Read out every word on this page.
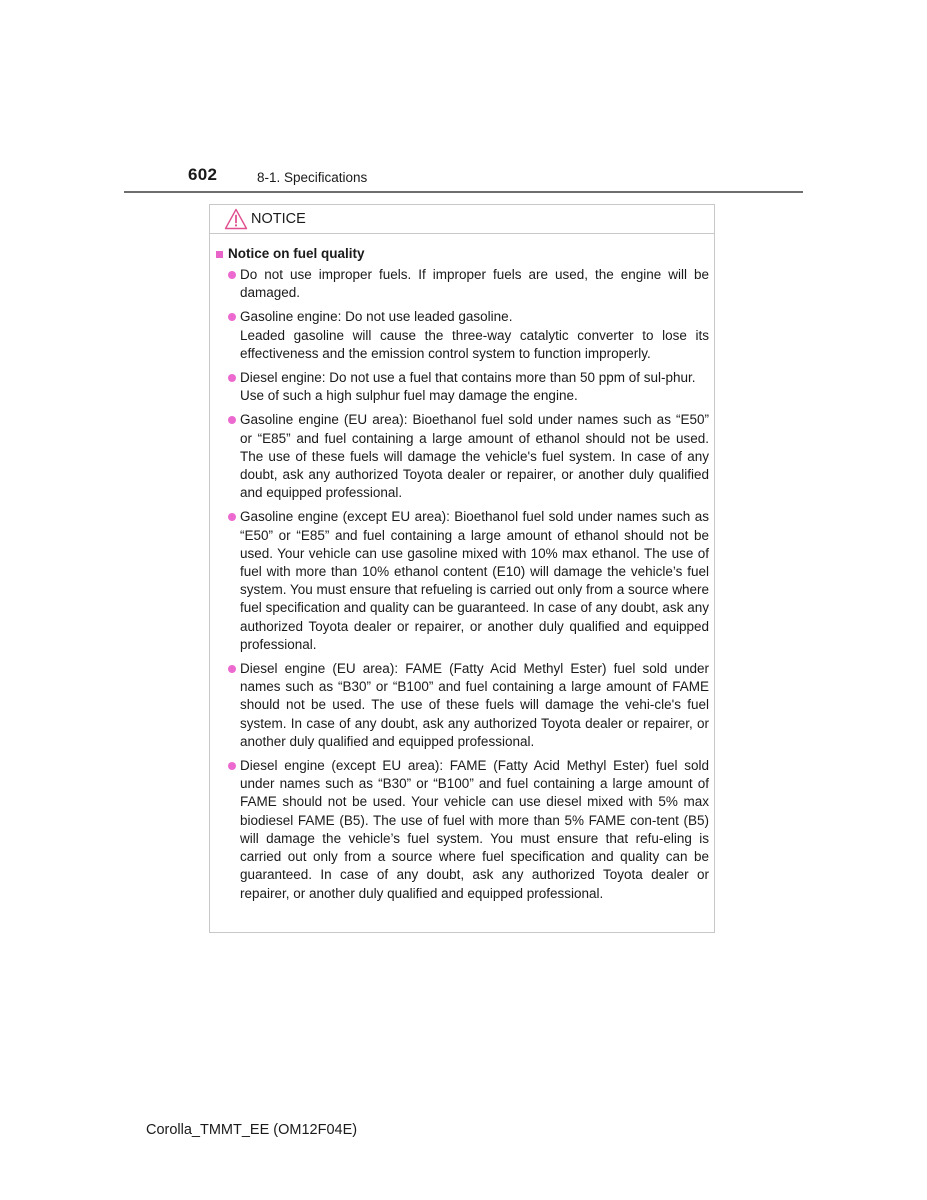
602	8-1. Specifications
NOTICE
Notice on fuel quality
Do not use improper fuels. If improper fuels are used, the engine will be damaged.
Gasoline engine: Do not use leaded gasoline.
Leaded gasoline will cause the three-way catalytic converter to lose its effectiveness and the emission control system to function improperly.
Diesel engine: Do not use a fuel that contains more than 50 ppm of sul-phur.
Use of such a high sulphur fuel may damage the engine.
Gasoline engine (EU area): Bioethanol fuel sold under names such as “E50” or “E85” and fuel containing a large amount of ethanol should not be used. The use of these fuels will damage the vehicle's fuel system. In case of any doubt, ask any authorized Toyota dealer or repairer, or another duly qualified and equipped professional.
Gasoline engine (except EU area): Bioethanol fuel sold under names such as “E50” or “E85” and fuel containing a large amount of ethanol should not be used. Your vehicle can use gasoline mixed with 10% max ethanol. The use of fuel with more than 10% ethanol content (E10) will damage the vehicle’s fuel system. You must ensure that refueling is carried out only from a source where fuel specification and quality can be guaranteed. In case of any doubt, ask any authorized Toyota dealer or repairer, or another duly qualified and equipped professional.
Diesel engine (EU area): FAME (Fatty Acid Methyl Ester) fuel sold under names such as “B30” or “B100” and fuel containing a large amount of FAME should not be used. The use of these fuels will damage the vehi-cle's fuel system. In case of any doubt, ask any authorized Toyota dealer or repairer, or another duly qualified and equipped professional.
Diesel engine (except EU area): FAME (Fatty Acid Methyl Ester) fuel sold under names such as “B30” or “B100” and fuel containing a large amount of FAME should not be used. Your vehicle can use diesel mixed with 5% max biodiesel FAME (B5). The use of fuel with more than 5% FAME con-tent (B5) will damage the vehicle’s fuel system. You must ensure that refu-eling is carried out only from a source where fuel specification and quality can be guaranteed. In case of any doubt, ask any authorized Toyota dealer or repairer, or another duly qualified and equipped professional.
Corolla_TMMT_EE (OM12F04E)
